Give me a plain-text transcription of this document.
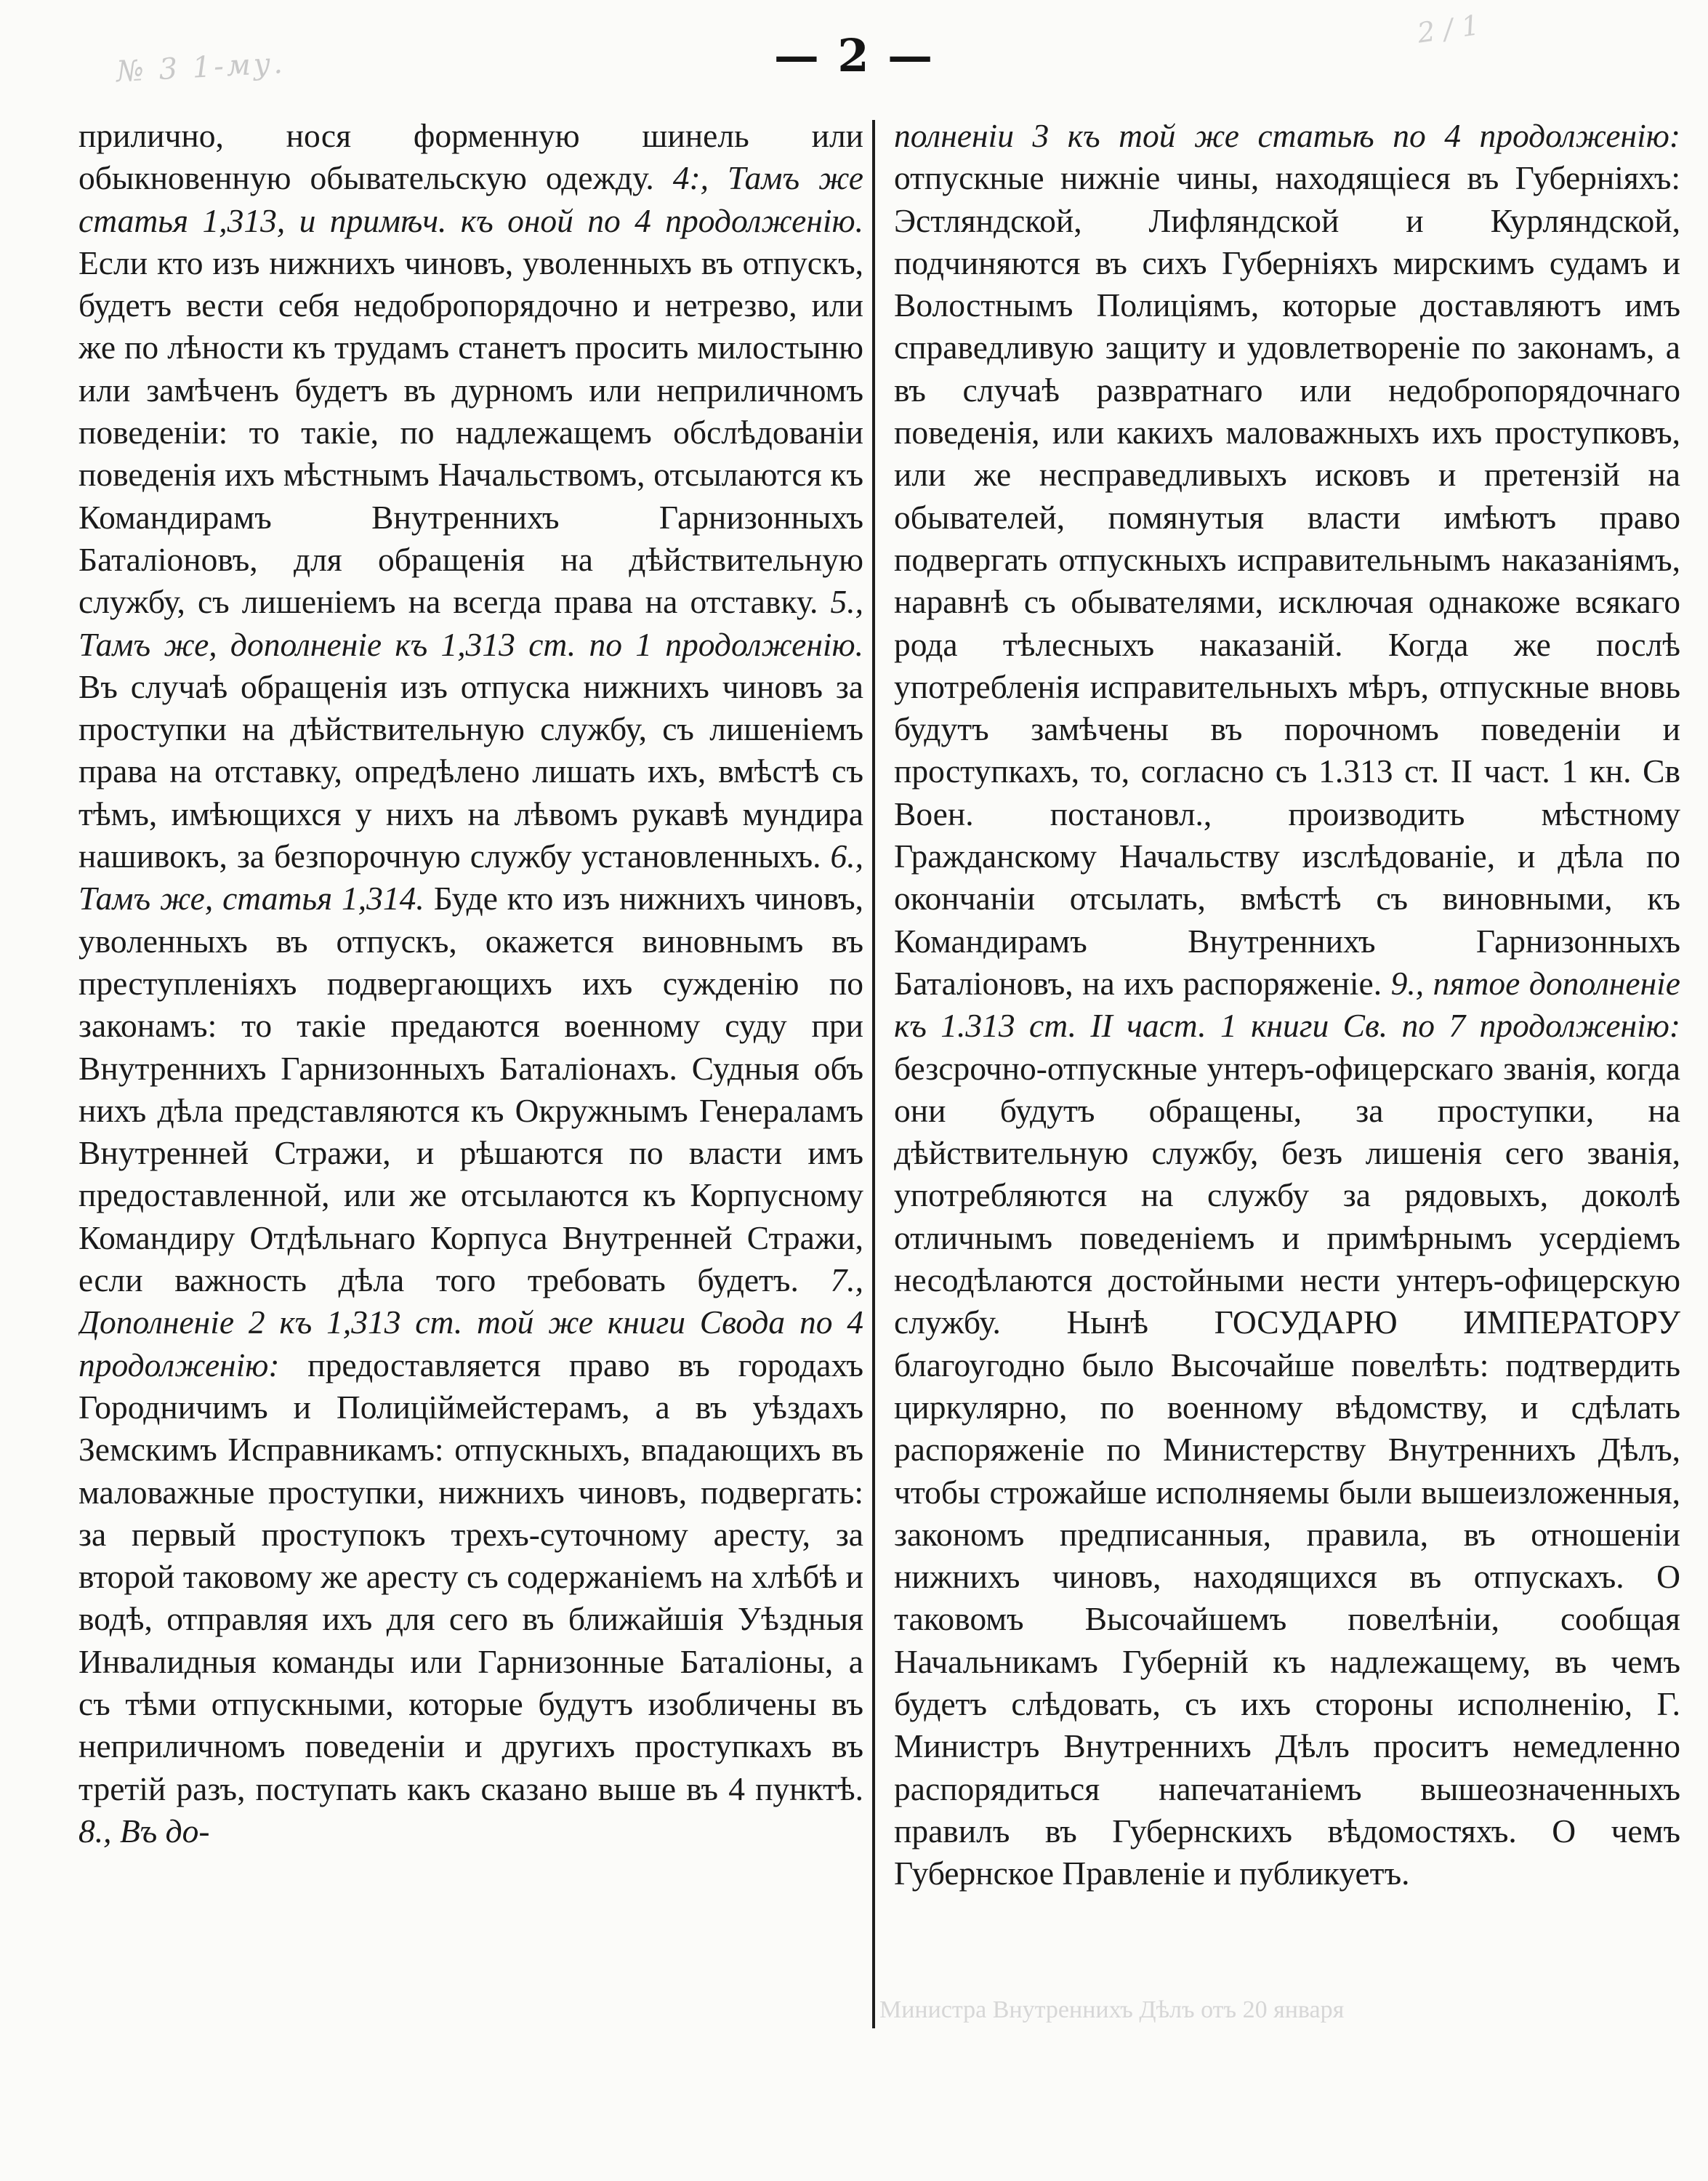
№ 3 1-му.
2 / 1
— 2 —

прилично, нося форменную шинель или обыкновенную обывательскую одежду. 4:, Тамъ же статья 1,313, и примѣч. къ оной по 4 продолженію. Если кто изъ нижнихъ чиновъ, уволенныхъ въ отпускъ, будетъ вести себя недобропорядочно и нетрезво, или же по лѣности къ трудамъ станетъ просить милостыню или замѣченъ будетъ въ дурномъ или неприличномъ поведеніи: то такіе, по надлежащемъ обслѣдованіи поведенія ихъ мѣстнымъ Начальствомъ, отсылаются къ Командирамъ Внутреннихъ Гарнизонныхъ Баталіоновъ, для обращенія на дѣйствительную службу, съ лишеніемъ на всегда права на отставку. 5., Тамъ же, дополненіе къ 1,313 ст. по 1 продолженію. Въ случаѣ обращенія изъ отпуска нижнихъ чиновъ за проступки на дѣйствительную службу, съ лишеніемъ права на отставку, опредѣлено лишать ихъ, вмѣстѣ съ тѣмъ, имѣющихся у нихъ на лѣвомъ рукавѣ мундира нашивокъ, за безпорочную службу установленныхъ. 6., Тамъ же, статья 1,314. Буде кто изъ нижнихъ чиновъ, уволенныхъ въ отпускъ, окажется виновнымъ въ преступленіяхъ подвергающихъ ихъ сужденію по законамъ: то такіе предаются военному суду при Внутреннихъ Гарнизонныхъ Баталіонахъ. Судныя объ нихъ дѣла представляются къ Окружнымъ Генераламъ Внутренней Стражи, и рѣшаются по власти имъ предоставленной, или же отсылаются къ Корпусному Командиру Отдѣльнаго Корпуса Внутренней Стражи, если важность дѣла того требовать будетъ. 7., Дополненіе 2 къ 1,313 ст. той же книги Свода по 4 продолженію: предоставляется право въ городахъ Городничимъ и Полиціймейстерамъ, а въ уѣздахъ Земскимъ Исправникамъ: отпускныхъ, впадающихъ въ маловажные проступки, нижнихъ чиновъ, подвергать: за первый проступокъ трехъ-суточному аресту, за второй таковому же аресту съ содержаніемъ на хлѣбѣ и водѣ, отправляя ихъ для сего въ ближайшія Уѣздныя Инвалидныя команды или Гарнизонные Баталіоны, а съ тѣми отпускными, которые будутъ изобличены въ неприличномъ поведеніи и другихъ проступкахъ въ третій разъ, поступать какъ сказано выше въ 4 пунктѣ. 8., Въ до-

полненіи 3 къ той же статьѣ по 4 продолженію: отпускные нижніе чины, находящіеся въ Губерніяхъ: Эстляндской, Лифляндской и Курляндской, подчиняются въ сихъ Губерніяхъ мирскимъ судамъ и Волостнымъ Полиціямъ, которые доставляютъ имъ справедливую защиту и удовлетвореніе по законамъ, а въ случаѣ развратнаго или недобропорядочнаго поведенія, или какихъ маловажныхъ ихъ проступковъ, или же несправедливыхъ исковъ и претензій на обывателей, помянутыя власти имѣютъ право подвергать отпускныхъ исправительнымъ наказаніямъ, наравнѣ съ обывателями, исключая однакоже всякаго рода тѣлесныхъ наказаній. Когда же послѣ употребленія исправительныхъ мѣръ, отпускные вновь будутъ замѣчены въ порочномъ поведеніи и проступкахъ, то, согласно съ 1.313 ст. II част. 1 кн. Св Воен. постановл., производить мѣстному Гражданскому Начальству изслѣдованіе, и дѣла по окончаніи отсылать, вмѣстѣ съ виновными, къ Командирамъ Внутреннихъ Гарнизонныхъ Баталіоновъ, на ихъ распоряженіе. 9., пятое дополненіе къ 1.313 ст. II част. 1 книги Св. по 7 продолженію: безсрочно-отпускные унтеръ-офицерскаго званія, когда они будутъ обращены, за проступки, на дѣйствительную службу, безъ лишенія сего званія, употребляются на службу за рядовыхъ, доколѣ отличнымъ поведеніемъ и примѣрнымъ усердіемъ несодѣлаются достойными нести унтеръ-офицерскую службу. Нынѣ ГОСУДАРЮ ИМПЕРАТОРУ благоугодно было Высочайше повелѣть: подтвердить циркулярно, по военному вѣдомству, и сдѣлать распоряженіе по Министерству Внутреннихъ Дѣлъ, чтобы строжайше исполняемы были вышеизложенныя, закономъ предписанныя, правила, въ отношеніи нижнихъ чиновъ, находящихся въ отпускахъ. О таковомъ Высочайшемъ повелѣніи, сообщая Начальникамъ Губерній къ надлежащему, въ чемъ будетъ слѣдовать, съ ихъ стороны исполненію, Г. Министръ Внутреннихъ Дѣлъ проситъ немедленно распорядиться напечатаніемъ вышеозначенныхъ правилъ въ Губернскихъ вѣдомостяхъ. О чемъ Губернское Правленіе и публикуетъ.

Министра Внутреннихъ Дѣлъ отъ 20 января
